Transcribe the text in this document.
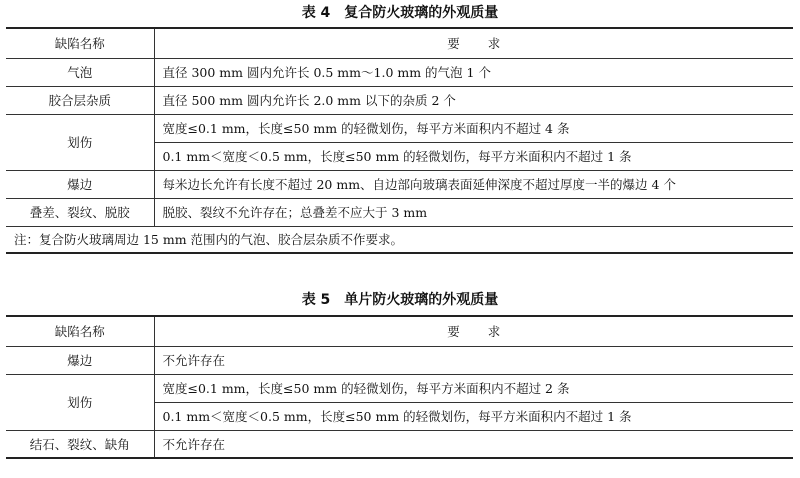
表 4　复合防火玻璃的外观质量
缺陷名称	要 求
气泡	直径 300 mm 圆内允许长 0.5 mm～1.0 mm 的气泡 1 个
胶合层杂质	直径 500 mm 圆内允许长 2.0 mm 以下的杂质 2 个
划伤	宽度≤0.1 mm，长度≤50 mm 的轻微划伤，每平方米面积内不超过 4 条
	0.1 mm＜宽度＜0.5 mm，长度≤50 mm 的轻微划伤，每平方米面积内不超过 1 条
爆边	每米边长允许有长度不超过 20 mm、自边部向玻璃表面延伸深度不超过厚度一半的爆边 4 个
叠差、裂纹、脱胶	脱胶、裂纹不允许存在；总叠差不应大于 3 mm
注：复合防火玻璃周边 15 mm 范围内的气泡、胶合层杂质不作要求。	
表 5　单片防火玻璃的外观质量
缺陷名称	要 求
爆边	不允许存在
划伤	宽度≤0.1 mm，长度≤50 mm 的轻微划伤，每平方米面积内不超过 2 条
	0.1 mm＜宽度＜0.5 mm，长度≤50 mm 的轻微划伤，每平方米面积内不超过 1 条
结石、裂纹、缺角	不允许存在
